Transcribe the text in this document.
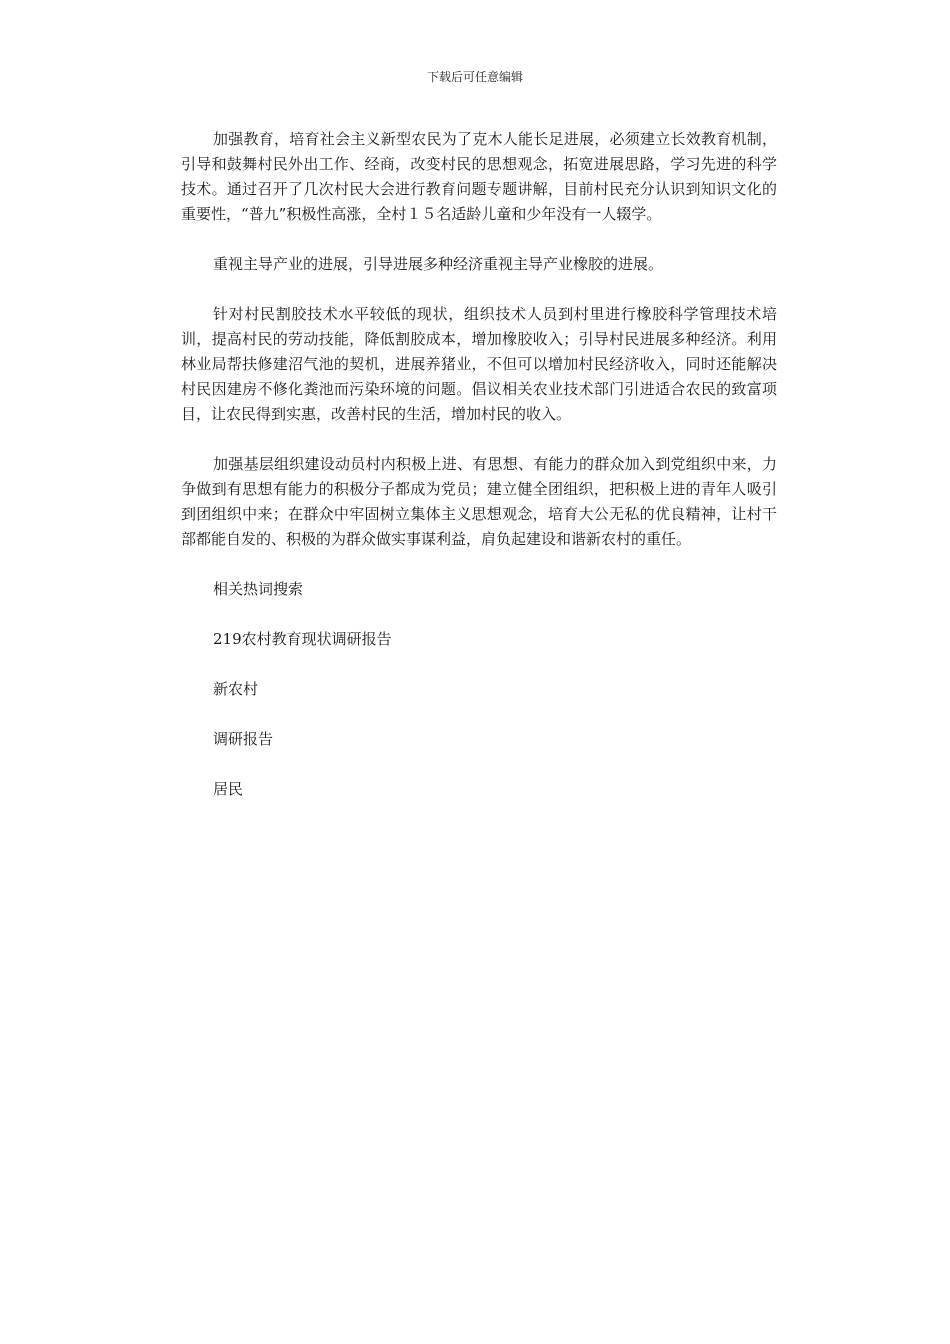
下载后可任意编辑

加强教育，培育社会主义新型农民为了克木人能长足进展，必须建立长效教育机制，引导和鼓舞村民外出工作、经商，改变村民的思想观念，拓宽进展思路，学习先进的科学技术。通过召开了几次村民大会进行教育问题专题讲解，目前村民充分认识到知识文化的重要性，“普九”积极性高涨，全村１５名适龄儿童和少年没有一人辍学。

重视主导产业的进展，引导进展多种经济重视主导产业橡胶的进展。

针对村民割胶技术水平较低的现状，组织技术人员到村里进行橡胶科学管理技术培训，提高村民的劳动技能，降低割胶成本，增加橡胶收入；引导村民进展多种经济。利用林业局帮扶修建沼气池的契机，进展养猪业，不但可以增加村民经济收入，同时还能解决村民因建房不修化粪池而污染环境的问题。倡议相关农业技术部门引进适合农民的致富项目，让农民得到实惠，改善村民的生活，增加村民的收入。

加强基层组织建设动员村内积极上进、有思想、有能力的群众加入到党组织中来，力争做到有思想有能力的积极分子都成为党员；建立健全团组织，把积极上进的青年人吸引到团组织中来；在群众中牢固树立集体主义思想观念，培育大公无私的优良精神，让村干部都能自发的、积极的为群众做实事谋利益，肩负起建设和谐新农村的重任。

相关热词搜索
219农村教育现状调研报告
新农村
调研报告
居民
